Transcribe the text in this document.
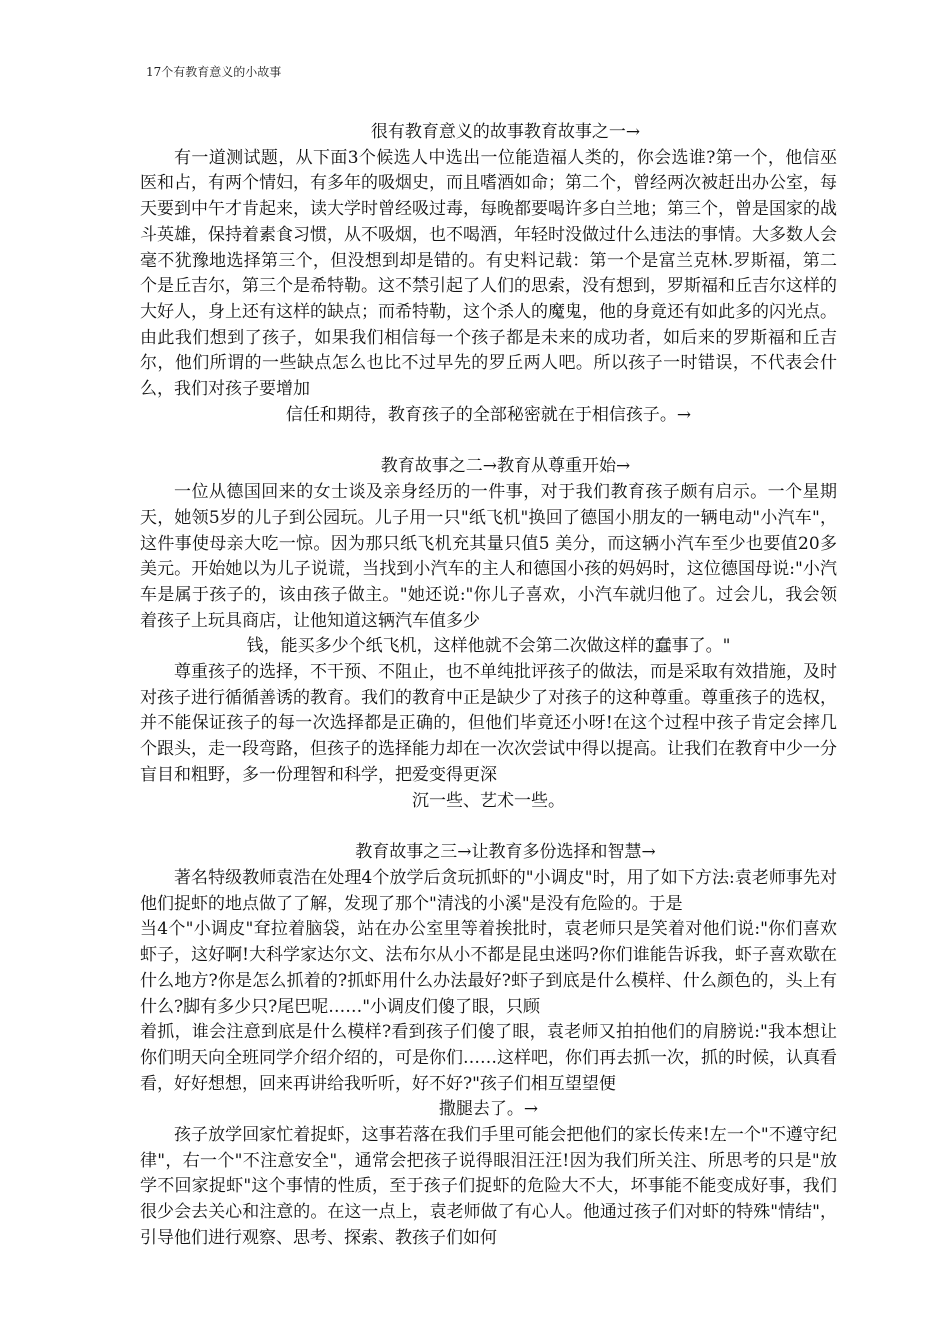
17个有教育意义的小故事

很有教育意义的故事教育故事之一→

有一道测试题，从下面3个候选人中选出一位能造福人类的，你会选谁?第一个，他信巫医和占，有两个情妇，有多年的吸烟史，而且嗜酒如命；第二个，曾经两次被赶出办公室，每天要到中午才肯起来，读大学时曾经吸过毒，每晚都要喝许多白兰地；第三个，曾是国家的战斗英雄，保持着素食习惯，从不吸烟，也不喝酒，年轻时没做过什么违法的事情。大多数人会毫不犹豫地选择第三个，但没想到却是错的。有史料记载：第一个是富兰克林.罗斯福，第二个是丘吉尔，第三个是希特勒。这不禁引起了人们的思索，没有想到，罗斯福和丘吉尔这样的大好人，身上还有这样的缺点；而希特勒，这个杀人的魔鬼，他的身竟还有如此多的闪光点。由此我们想到了孩子，如果我们相信每一个孩子都是未来的成功者，如后来的罗斯福和丘吉尔，他们所谓的一些缺点怎么也比不过早先的罗丘两人吧。所以孩子一时错误，不代表会什么，我们对孩子要增加

信任和期待，教育孩子的全部秘密就在于相信孩子。→

教育故事之二→教育从尊重开始→

一位从德国回来的女士谈及亲身经历的一件事，对于我们教育孩子颇有启示。一个星期天，她领5岁的儿子到公园玩。儿子用一只"纸飞机"换回了德国小朋友的一辆电动"小汽车"，这件事使母亲大吃一惊。因为那只纸飞机充其量只值5 美分，而这辆小汽车至少也要值20多美元。开始她以为儿子说谎，当找到小汽车的主人和德国小孩的妈妈时，这位德国母说:"小汽车是属于孩子的，该由孩子做主。"她还说:"你儿子喜欢，小汽车就归他了。过会儿，我会领着孩子上玩具商店，让他知道这辆汽车值多少

钱，能买多少个纸飞机，这样他就不会第二次做这样的蠢事了。"

尊重孩子的选择，不干预、不阻止，也不单纯批评孩子的做法，而是采取有效措施，及时对孩子进行循循善诱的教育。我们的教育中正是缺少了对孩子的这种尊重。尊重孩子的选权，并不能保证孩子的每一次选择都是正确的，但他们毕竟还小呀!在这个过程中孩子肯定会摔几个跟头，走一段弯路，但孩子的选择能力却在一次次尝试中得以提高。让我们在教育中少一分盲目和粗野，多一份理智和科学，把爱变得更深

沉一些、艺术一些。

教育故事之三→让教育多份选择和智慧→

著名特级教师袁浩在处理4个放学后贪玩抓虾的"小调皮"时，用了如下方法:袁老师事先对他们捉虾的地点做了了解，发现了那个"清浅的小溪"是没有危险的。于是

当4个"小调皮"耷拉着脑袋，站在办公室里等着挨批时，袁老师只是笑着对他们说:"你们喜欢虾子，这好啊!大科学家达尔文、法布尔从小不都是昆虫迷吗?你们谁能告诉我，虾子喜欢歇在什么地方?你是怎么抓着的?抓虾用什么办法最好?虾子到底是什么模样、什么颜色的，头上有什么?脚有多少只?尾巴呢……"小调皮们傻了眼，只顾

着抓，谁会注意到底是什么模样?看到孩子们傻了眼，袁老师又拍拍他们的肩膀说:"我本想让你们明天向全班同学介绍介绍的，可是你们……这样吧，你们再去抓一次，抓的时候，认真看看，好好想想，回来再讲给我听听，好不好?"孩子们相互望望便

撒腿去了。→

孩子放学回家忙着捉虾，这事若落在我们手里可能会把他们的家长传来!左一个"不遵守纪律"，右一个"不注意安全"，通常会把孩子说得眼泪汪汪!因为我们所关注、所思考的只是"放学不回家捉虾"这个事情的性质，至于孩子们捉虾的危险大不大，坏事能不能变成好事，我们很少会去关心和注意的。在这一点上，袁老师做了有心人。他通过孩子们对虾的特殊"情结"，引导他们进行观察、思考、探索、教孩子们如何
